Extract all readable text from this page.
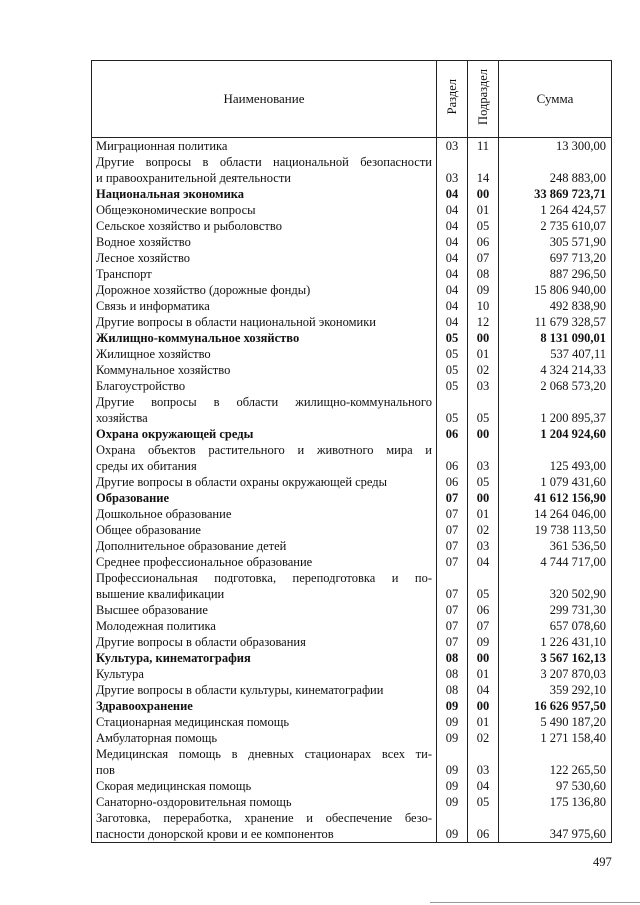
Наименование	Раздел	Подраздел	Сумма

Миграционная политика	03	11	13 300,00

Другие вопросы в области национальной безопасности
и правоохранительной деятельности	03	14	248 883,00

Национальная экономика	04	00	33 869 723,71

Общеэкономические вопросы	04	01	1 264 424,57

Сельское хозяйство и рыболовство	04	05	2 735 610,07

Водное хозяйство	04	06	305 571,90

Лесное хозяйство	04	07	697 713,20

Транспорт	04	08	887 296,50

Дорожное хозяйство (дорожные фонды)	04	09	15 806 940,00

Связь и информатика	04	10	492 838,90

Другие вопросы в области национальной экономики	04	12	11 679 328,57

Жилищно-коммунальное хозяйство	05	00	8 131 090,01

Жилищное хозяйство	05	01	537 407,11

Коммунальное хозяйство	05	02	4 324 214,33

Благоустройство	05	03	2 068 573,20

Другие вопросы в области жилищно-коммунального
хозяйства	05	05	1 200 895,37

Охрана окружающей среды	06	00	1 204 924,60

Охрана объектов растительного и животного мира и
среды их обитания	06	03	125 493,00

Другие вопросы в области охраны окружающей среды	06	05	1 079 431,60

Образование	07	00	41 612 156,90

Дошкольное образование	07	01	14 264 046,00

Общее образование	07	02	19 738 113,50

Дополнительное образование детей	07	03	361 536,50

Среднее профессиональное образование	07	04	4 744 717,00

Профессиональная подготовка, переподготовка и по-
вышение квалификации	07	05	320 502,90

Высшее образование	07	06	299 731,30

Молодежная политика	07	07	657 078,60

Другие вопросы в области образования	07	09	1 226 431,10

Культура, кинематография	08	00	3 567 162,13

Культура	08	01	3 207 870,03

Другие вопросы в области культуры, кинематографии	08	04	359 292,10

Здравоохранение	09	00	16 626 957,50

Стационарная медицинская помощь	09	01	5 490 187,20

Амбулаторная помощь	09	02	1 271 158,40

Медицинская помощь в дневных стационарах всех ти-
пов	09	03	122 265,50

Скорая медицинская помощь	09	04	97 530,60

Санаторно-оздоровительная помощь	09	05	175 136,80

Заготовка, переработка, хранение и обеспечение безо-
пасности донорской крови и ее компонентов	09	06	347 975,60
497
